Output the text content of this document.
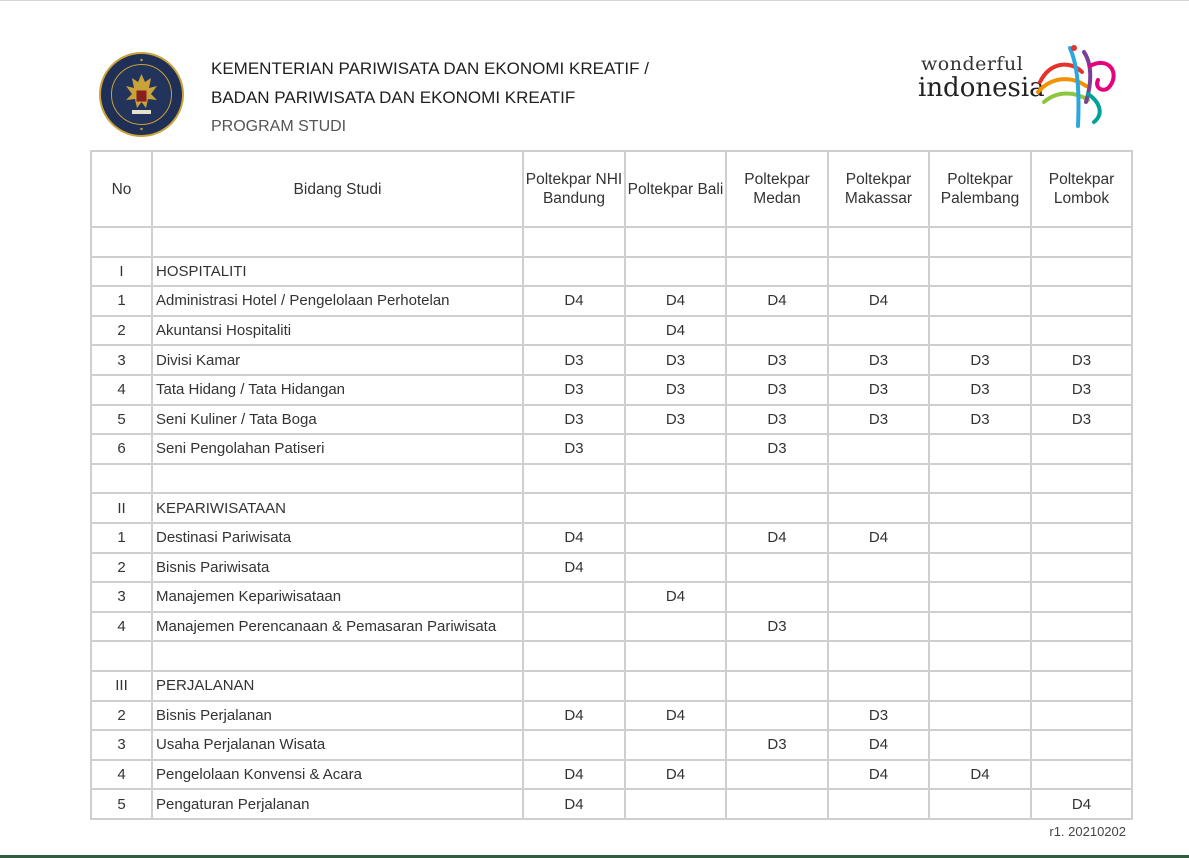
KEMENTERIAN PARIWISATA DAN EKONOMI KREATIF /
BADAN PARIWISATA DAN EKONOMI KREATIF
PROGRAM STUDI
wonderful
indonesia
No	Bidang Studi	Poltekpar NHI Bandung	Poltekpar Bali	Poltekpar Medan	Poltekpar Makassar	Poltekpar Palembang	Poltekpar Lombok

I	HOSPITALITI						
1	Administrasi Hotel / Pengelolaan Perhotelan	D4	D4	D4	D4		
2	Akuntansi Hospitaliti		D4				
3	Divisi Kamar	D3	D3	D3	D3	D3	D3
4	Tata Hidang / Tata Hidangan	D3	D3	D3	D3	D3	D3
5	Seni Kuliner / Tata Boga	D3	D3	D3	D3	D3	D3
6	Seni Pengolahan Patiseri	D3		D3			

II	KEPARIWISATAAN						
1	Destinasi Pariwisata	D4		D4	D4		
2	Bisnis Pariwisata	D4					
3	Manajemen Kepariwisataan		D4				
4	Manajemen Perencanaan & Pemasaran Pariwisata			D3			

III	PERJALANAN						
2	Bisnis Perjalanan	D4	D4		D3		
3	Usaha Perjalanan Wisata			D3	D4		
4	Pengelolaan Konvensi & Acara	D4	D4		D4	D4	
5	Pengaturan Perjalanan	D4					D4
r1. 20210202
